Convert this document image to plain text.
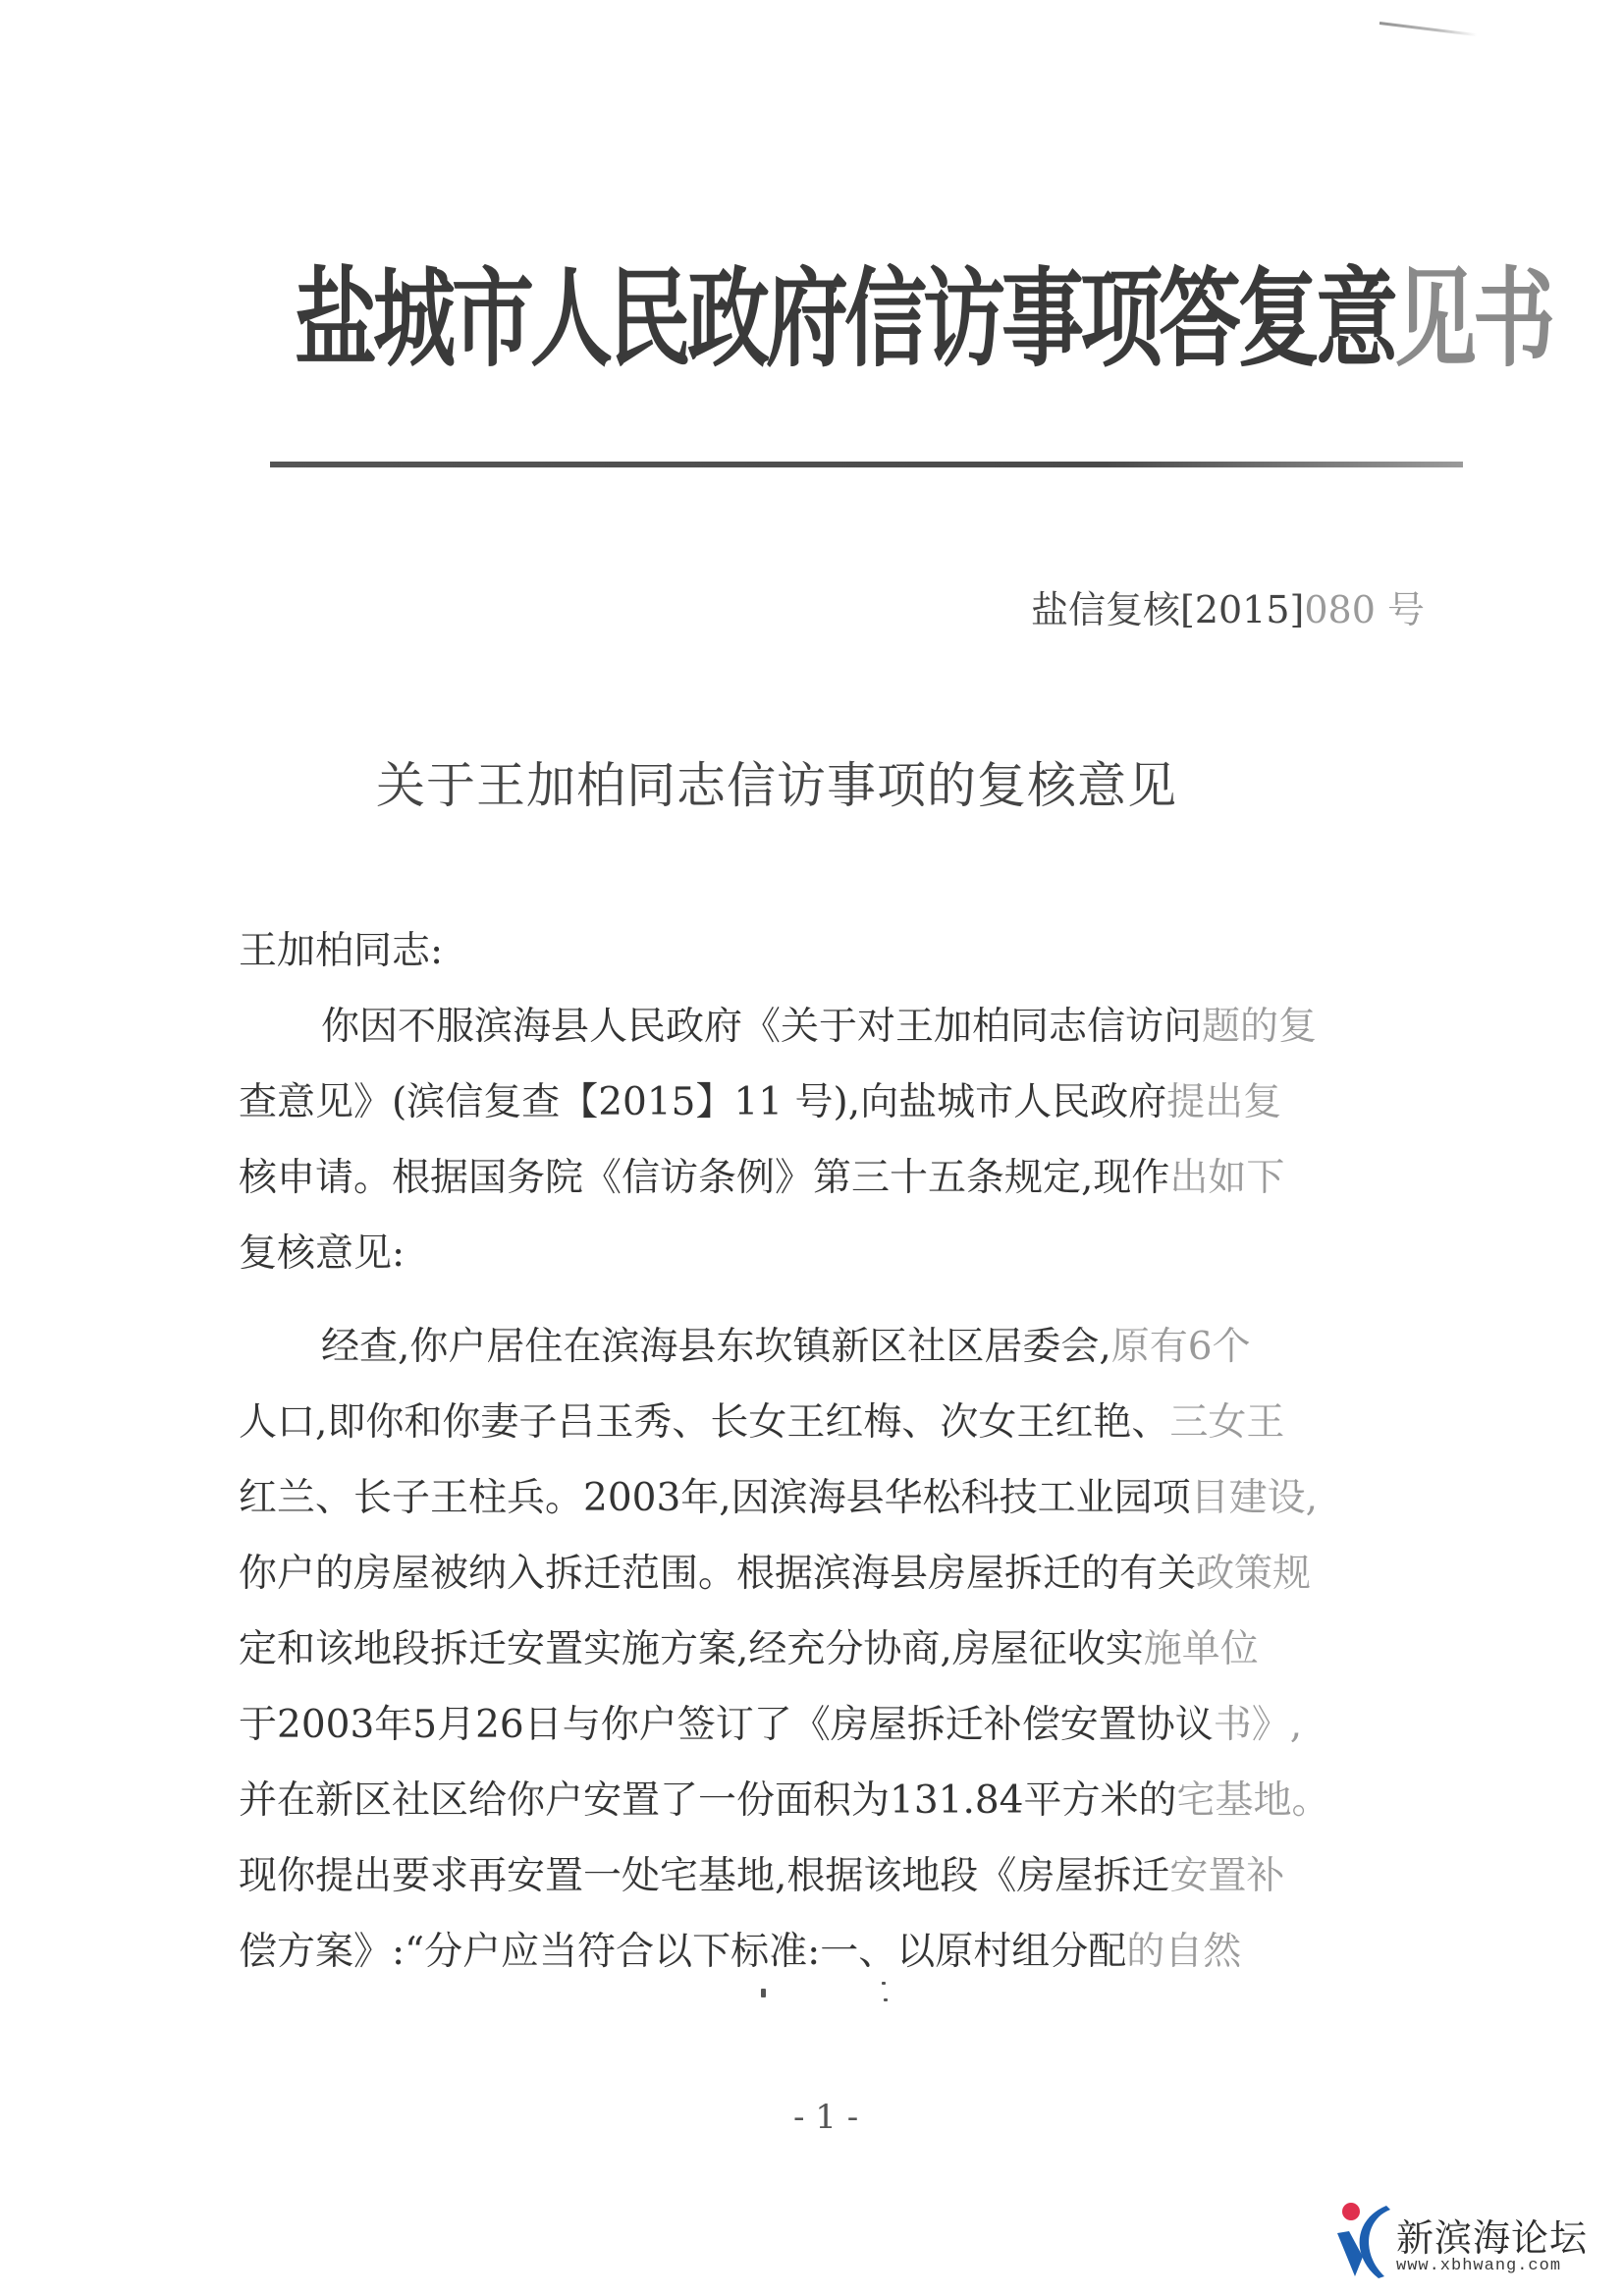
盐城市人民政府信访事项答复意见书
盐信复核[2015]080 号
关于王加柏同志信访事项的复核意见
王加柏同志:
你因不服滨海县人民政府《关于对王加柏同志信访问题的复
查意见》(滨信复查【2015】11 号),向盐城市人民政府提出复
核申请。根据国务院《信访条例》第三十五条规定,现作出如下
复核意见:
经查,你户居住在滨海县东坎镇新区社区居委会,原有6个
人口,即你和你妻子吕玉秀、长女王红梅、次女王红艳、三女王
红兰、长子王柱兵。2003年,因滨海县华松科技工业园项目建设,
你户的房屋被纳入拆迁范围。根据滨海县房屋拆迁的有关政策规
定和该地段拆迁安置实施方案,经充分协商,房屋征收实施单位
于2003年5月26日与你户签订了《房屋拆迁补偿安置协议书》,
并在新区社区给你户安置了一份面积为131.84平方米的宅基地。
现你提出要求再安置一处宅基地,根据该地段《房屋拆迁安置补
偿方案》:“分户应当符合以下标准:一、以原村组分配的自然
- 1 -
新滨海论坛
www.xbhwang.com
